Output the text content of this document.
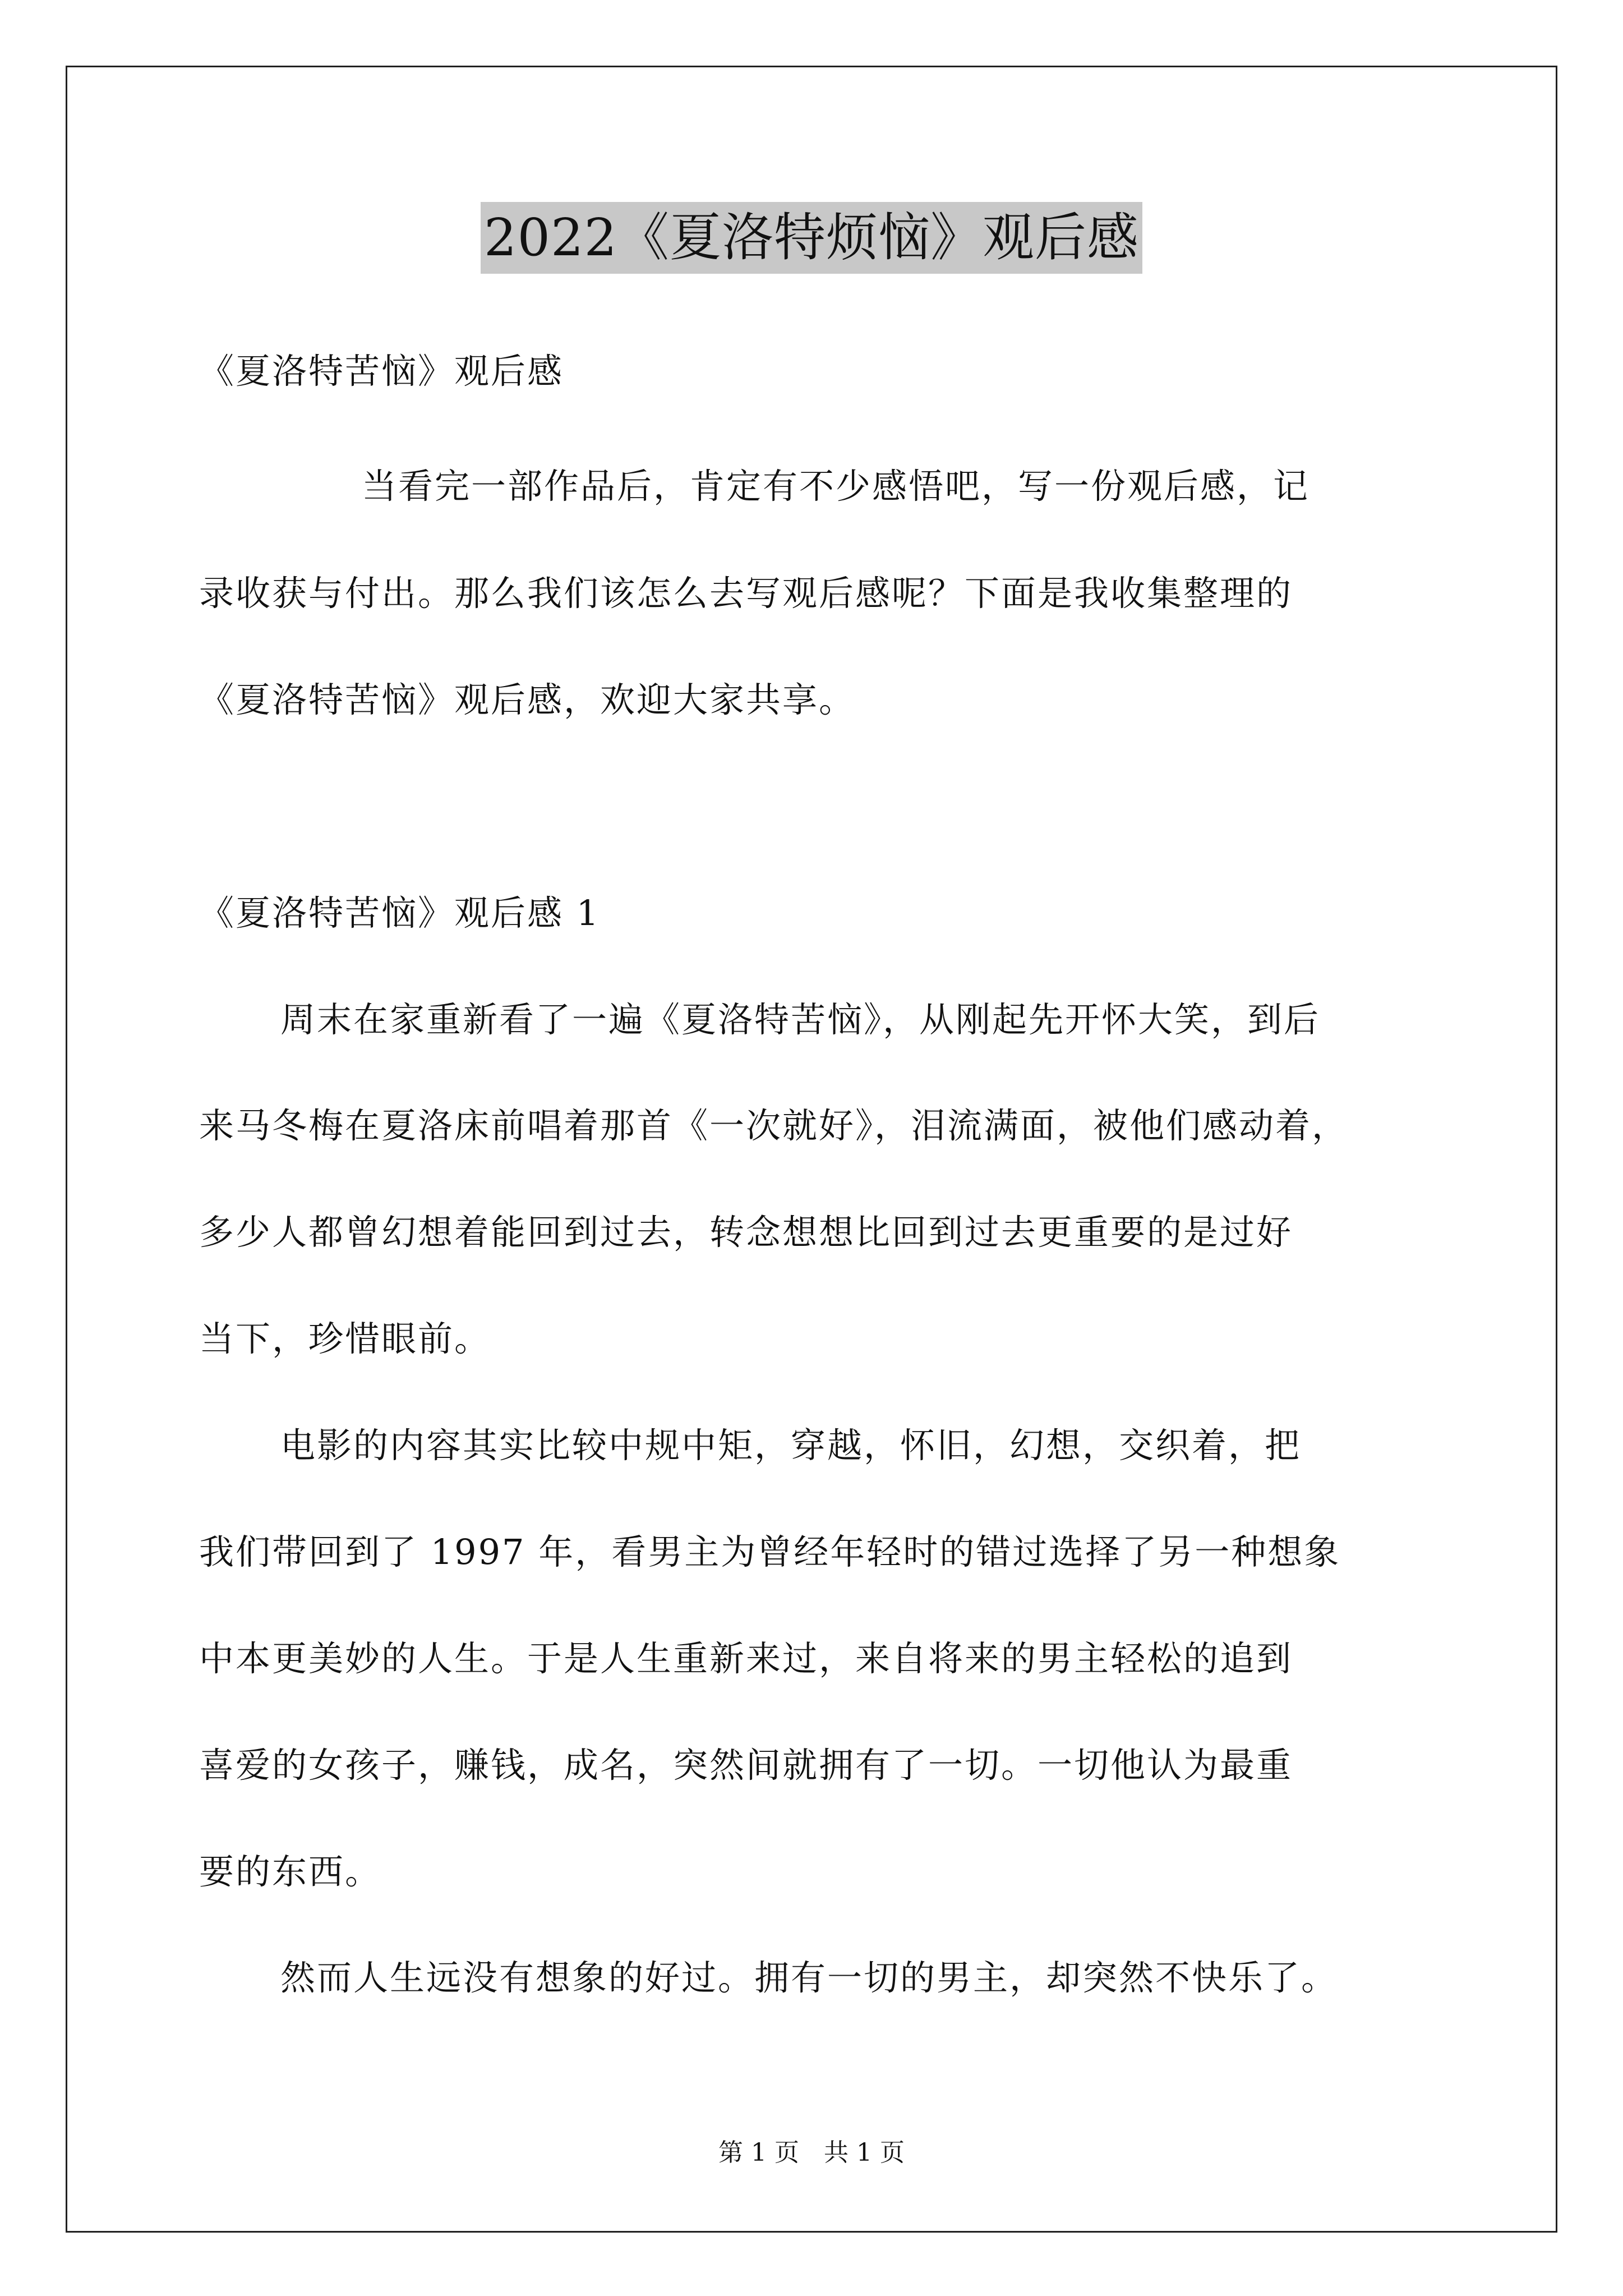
2022《夏洛特烦恼》观后感
《夏洛特苦恼》观后感
当看完一部作品后，肯定有不少感悟吧，写一份观后感，记
录收获与付出。那么我们该怎么去写观后感呢？下面是我收集整理的
《夏洛特苦恼》观后感，欢迎大家共享。
《夏洛特苦恼》观后感 1
周末在家重新看了一遍《夏洛特苦恼》，从刚起先开怀大笑，到后
来马冬梅在夏洛床前唱着那首《一次就好》，泪流满面，被他们感动着，
多少人都曾幻想着能回到过去，转念想想比回到过去更重要的是过好
当下，珍惜眼前。
电影的内容其实比较中规中矩，穿越，怀旧，幻想，交织着，把
我们带回到了 1997 年，看男主为曾经年轻时的错过选择了另一种想象
中本更美妙的人生。于是人生重新来过，来自将来的男主轻松的追到
喜爱的女孩子，赚钱，成名，突然间就拥有了一切。一切他认为最重
要的东西。
然而人生远没有想象的好过。拥有一切的男主，却突然不快乐了。
第 1 页　共 1 页
